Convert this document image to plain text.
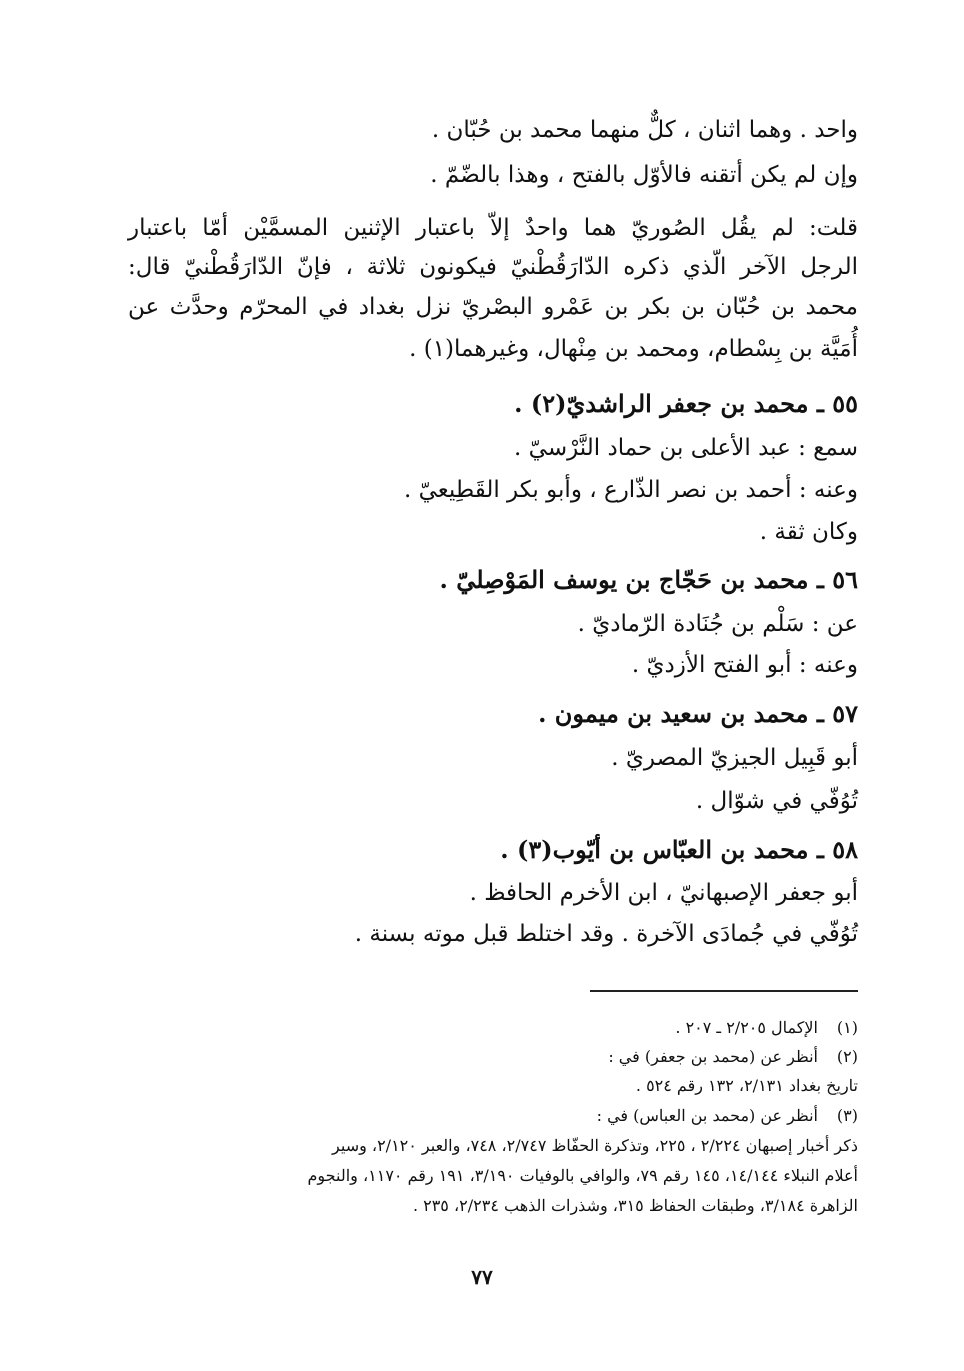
واحد . وهما اثنان ، كلٌّ منهما محمد بن حُبّان .
وإن لم يكن أتقنه فالأوّل بالفتح ، وهذا بالضّمّ .
قلت: لم يقُل الصُوريّ هما واحدٌ إلاّ باعتبار الإثنين المسمَّيْن أمّا باعتبار
الرجل الآخر الّذي ذكره الدّارَقُطْنيّ فيكونون ثلاثة ، فإنّ الدّارَقُطْنيّ قال:
محمد بن حُبّان بن بكر بن عَمْرو البصْريّ نزل بغداد في المحرّم وحدَّث عن
أُمَيَّة بن بِسْطام، ومحمد بن مِنْهال، وغيرهما(١) .
٥٥ ـ محمد بن جعفر الراشديّ(٢) .
سمع : عبد الأعلى بن حماد النَّرْسيّ .
وعنه : أحمد بن نصر الذّارع ، وأبو بكر القَطِيعيّ .
وكان ثقة .
٥٦ ـ محمد بن حَجّاج بن يوسف المَوْصِليّ .
عن : سَلْم بن جُنَادة الرّماديّ .
وعنه : أبو الفتح الأزديّ .
٥٧ ـ محمد بن سعيد بن ميمون .
أبو قَبِيل الجيزيّ المصريّ .
تُوُفّي في شوّال .
٥٨ ـ محمد بن العبّاس بن أيّوب(٣) .
أبو جعفر الإصبهانيّ ، ابن الأخرم الحافظ .
تُوُفّي في جُمادَى الآخرة . وقد اختلط قبل موته بسنة .
(١)الإكمال ٢/٢٠٥ ـ ٢٠٧ .
(٢)أنظر عن (محمد بن جعفر) في :
تاريخ بغداد ٢/١٣١، ١٣٢ رقم ٥٢٤ .
(٣)أنظر عن (محمد بن العباس) في :
ذكر أخبار إصبهان ٢/٢٢٤ ، ٢٢٥، وتذكرة الحفّاظ ٢/٧٤٧، ٧٤٨، والعبر ٢/١٢٠، وسير
أعلام النبلاء ١٤/١٤٤، ١٤٥ رقم ٧٩، والوافي بالوفيات ٣/١٩٠، ١٩١ رقم ١١٧٠، والنجوم
الزاهرة ٣/١٨٤، وطبقات الحفاظ ٣١٥، وشذرات الذهب ٢/٢٣٤، ٢٣٥ .
٧٧
